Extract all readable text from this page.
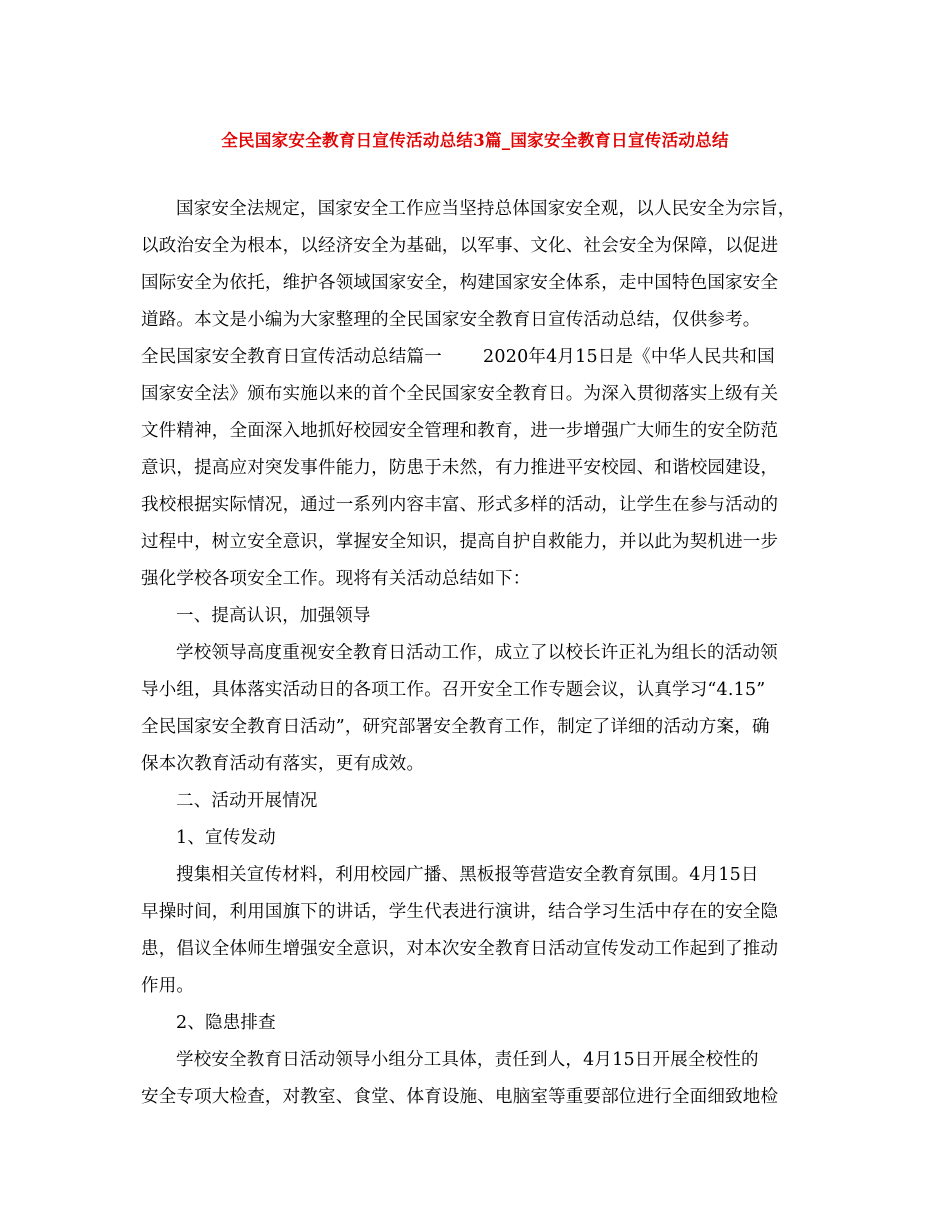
全民国家安全教育日宣传活动总结3篇_国家安全教育日宣传活动总结
国家安全法规定，国家安全工作应当坚持总体国家安全观，以人民安全为宗旨，
以政治安全为根本，以经济安全为基础，以军事、文化、社会安全为保障，以促进
国际安全为依托，维护各领域国家安全，构建国家安全体系，走中国特色国家安全
道路。本文是小编为大家整理的全民国家安全教育日宣传活动总结，仅供参考。
全民国家安全教育日宣传活动总结篇一　　 2020年4月15日是《中华人民共和国
国家安全法》颁布实施以来的首个全民国家安全教育日。为深入贯彻落实上级有关
文件精神，全面深入地抓好校园安全管理和教育，进一步增强广大师生的安全防范
意识，提高应对突发事件能力，防患于未然，有力推进平安校园、和谐校园建设，
我校根据实际情况，通过一系列内容丰富、形式多样的活动，让学生在参与活动的
过程中，树立安全意识，掌握安全知识，提高自护自救能力，并以此为契机进一步
强化学校各项安全工作。现将有关活动总结如下：
一、提高认识，加强领导
学校领导高度重视安全教育日活动工作，成立了以校长许正礼为组长的活动领
导小组，具体落实活动日的各项工作。召开安全工作专题会议，认真学习“4.15”
全民国家安全教育日活动”，研究部署安全教育工作，制定了详细的活动方案，确
保本次教育活动有落实，更有成效。
二、活动开展情况
1、宣传发动
搜集相关宣传材料，利用校园广播、黑板报等营造安全教育氛围。4月15日
早操时间，利用国旗下的讲话，学生代表进行演讲，结合学习生活中存在的安全隐
患，倡议全体师生增强安全意识，对本次安全教育日活动宣传发动工作起到了推动
作用。
2、隐患排查
学校安全教育日活动领导小组分工具体，责任到人，4月15日开展全校性的
安全专项大检查，对教室、食堂、体育设施、电脑室等重要部位进行全面细致地检
